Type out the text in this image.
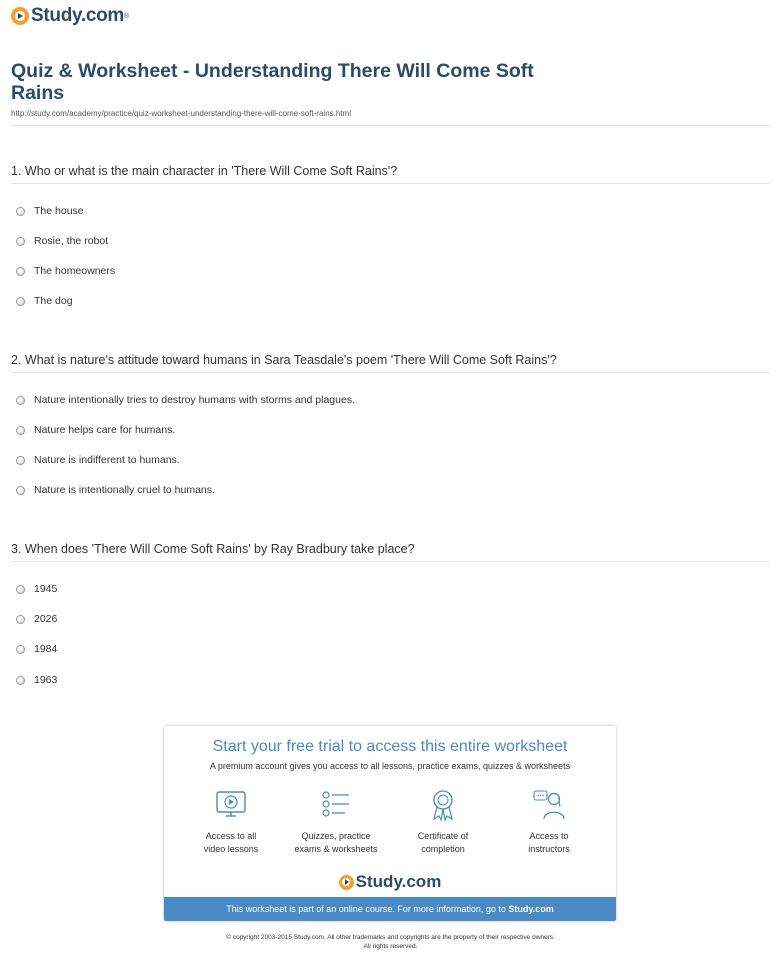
Study.com ®
Quiz & Worksheet - Understanding There Will Come Soft Rains
http://study.com/academy/practice/quiz-worksheet-understanding-there-will-come-soft-rains.html
1. Who or what is the main character in 'There Will Come Soft Rains'?
The house
Rosie, the robot
The homeowners
The dog
2. What is nature's attitude toward humans in Sara Teasdale's poem 'There Will Come Soft Rains'?
Nature intentionally tries to destroy humans with storms and plagues.
Nature helps care for humans.
Nature is indifferent to humans.
Nature is intentionally cruel to humans.
3. When does 'There Will Come Soft Rains' by Ray Bradbury take place?
1945
2026
1984
1963
Start your free trial to access this entire worksheet
A premium account gives you access to all lessons, practice exams, quizzes & worksheets
Access to all
video lessons
Quizzes, practice
exams & worksheets
Certificate of
completion
Access to
instructors
Study.com
This worksheet is part of an online course. For more information, go to Study.com
© copyright 2003-2015 Study.com. All other trademarks and copyrights are the property of their respective owners.
All rights reserved.
